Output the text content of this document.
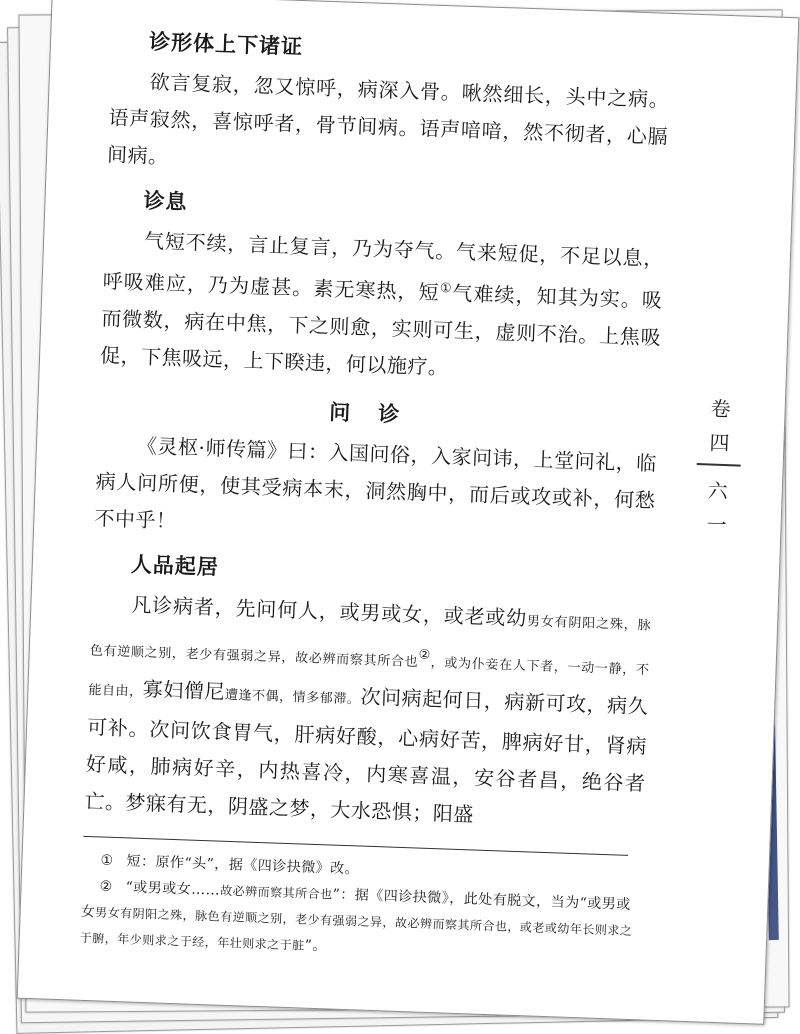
诊形体上下诸证

欲言复寂，忽又惊呼，病深入骨。啾然细长，头中之病。语声寂然，喜惊呼者，骨节间病。语声喑喑，然不彻者，心膈间病。

诊息

气短不续，言止复言，乃为夺气。气来短促，不足以息，呼吸难应，乃为虚甚。素无寒热，短①气难续，知其为实。吸而微数，病在中焦，下之则愈，实则可生，虚则不治。上焦吸促，下焦吸远，上下睽违，何以施疗。

问诊

《灵枢·师传篇》曰：入国问俗，入家问讳，上堂问礼，临病人问所便，使其受病本末，洞然胸中，而后或攻或补，何愁不中乎！

人品起居

凡诊病者，先问何人，或男或女，或老或幼男女有阴阳之殊，脉色有逆顺之别，老少有强弱之异，故必辨而察其所合也②，或为仆妾在人下者，一动一静，不能自由，寡妇僧尼遭逢不偶，情多郁滞。次问病起何日，病新可攻，病久可补。次问饮食胃气，肝病好酸，心病好苦，脾病好甘，肾病好咸，肺病好辛，内热喜冷，内寒喜温，安谷者昌，绝谷者亡。梦寐有无，阴盛之梦，大水恐惧；阳盛

① 短：原作“头”，据《四诊抉微》改。

② “或男或女……故必辨而察其所合也”：据《四诊抉微》，此处有脱文，当为“或男或女男女有阴阳之殊，脉色有逆顺之别，老少有强弱之异，故必辨而察其所合也，或老或幼年长则求之于腑，年少则求之于经，年壮则求之于脏”。

卷
四
六
一
